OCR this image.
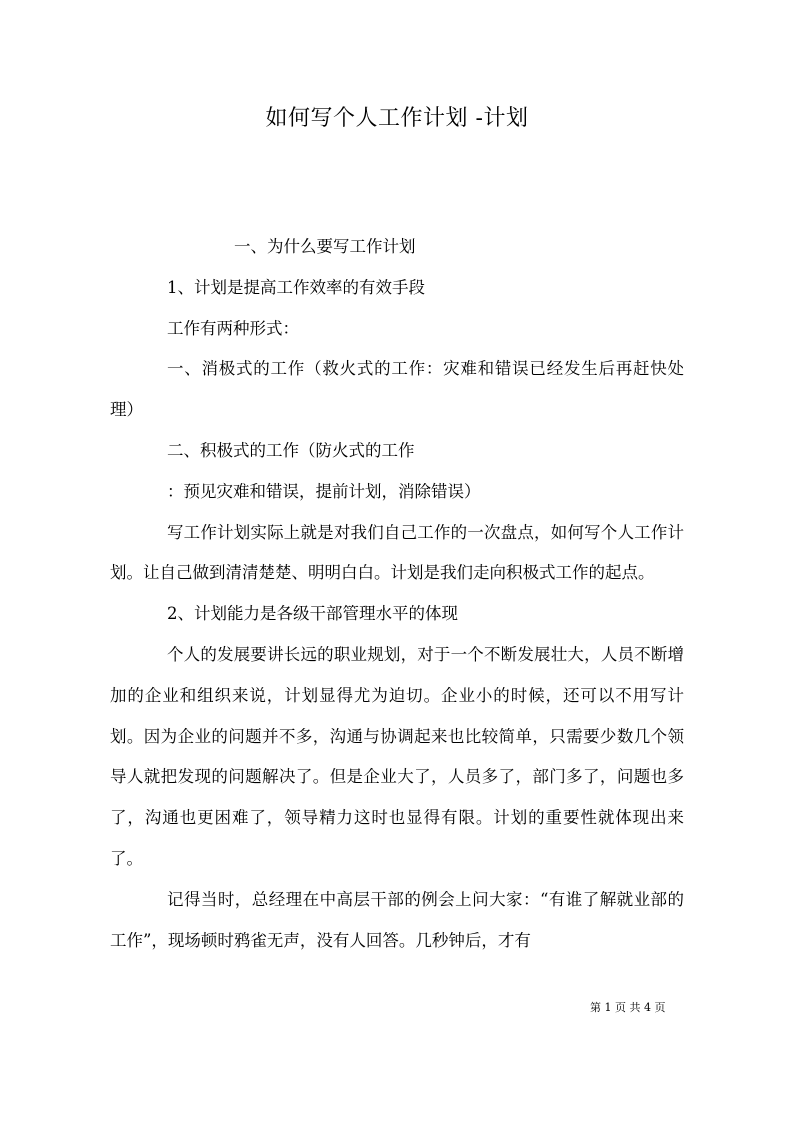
如何写个人工作计划 -计划

一、为什么要写工作计划

1、计划是提高工作效率的有效手段

工作有两种形式：

一、消极式的工作（救火式的工作：灾难和错误已经发生后再赶快处理）

二、积极式的工作（防火式的工作

：预见灾难和错误，提前计划，消除错误）

写工作计划实际上就是对我们自己工作的一次盘点，如何写个人工作计划。让自己做到清清楚楚、明明白白。计划是我们走向积极式工作的起点。

2、计划能力是各级干部管理水平的体现

个人的发展要讲长远的职业规划，对于一个不断发展壮大，人员不断增加的企业和组织来说，计划显得尤为迫切。企业小的时候，还可以不用写计划。因为企业的问题并不多，沟通与协调起来也比较简单，只需要少数几个领导人就把发现的问题解决了。但是企业大了，人员多了，部门多了，问题也多了，沟通也更困难了，领导精力这时也显得有限。计划的重要性就体现出来了。

记得当时，总经理在中高层干部的例会上问大家：“有谁了解就业部的工作”，现场顿时鸦雀无声，没有人回答。几秒钟后，才有

第 1 页 共 4 页
